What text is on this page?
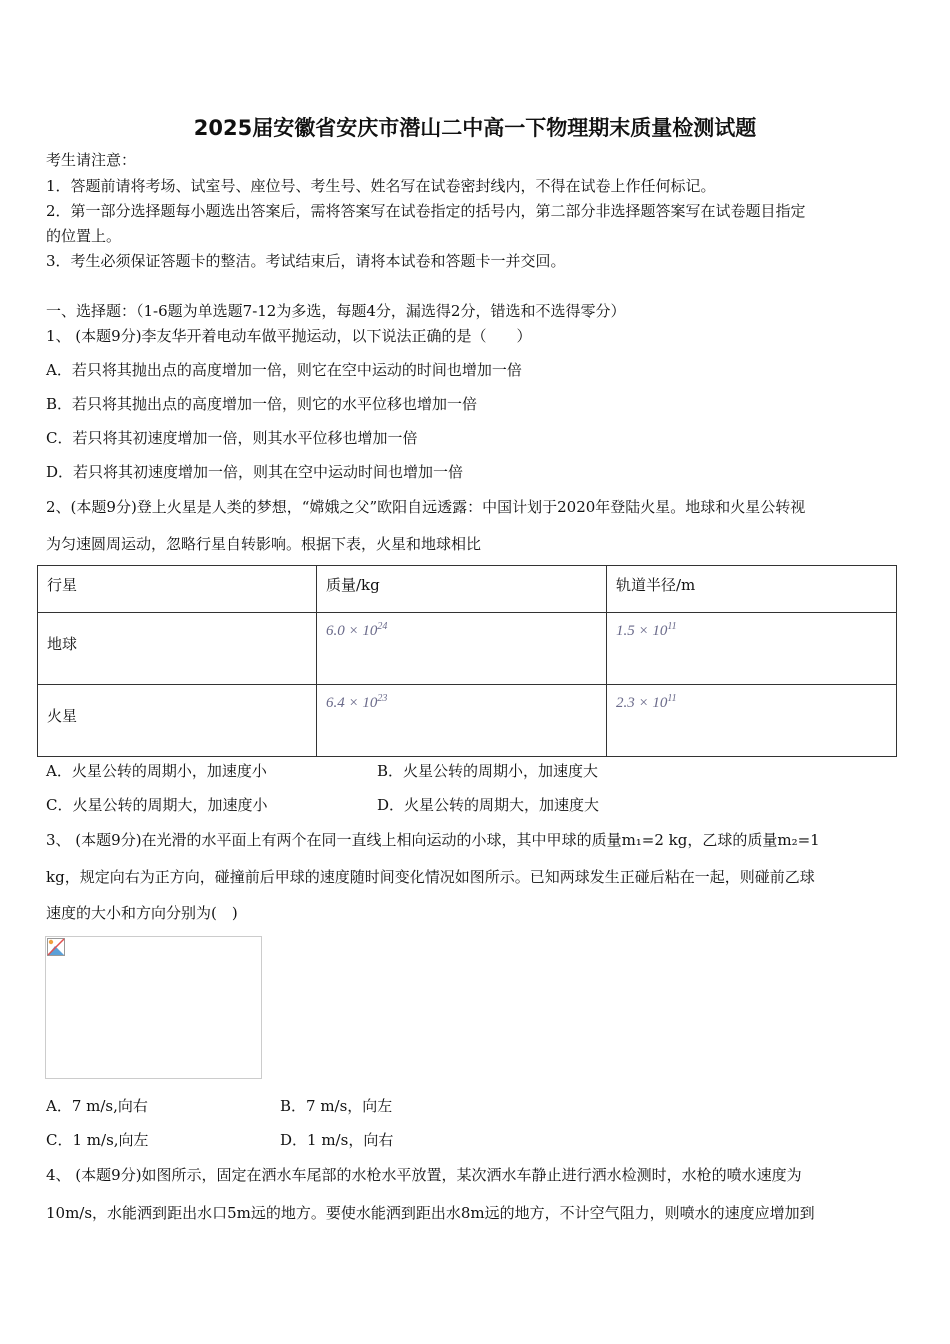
2025届安徽省安庆市潜山二中高一下物理期末质量检测试题
考生请注意：
1．答题前请将考场、试室号、座位号、考生号、姓名写在试卷密封线内，不得在试卷上作任何标记。
2．第一部分选择题每小题选出答案后，需将答案写在试卷指定的括号内，第二部分非选择题答案写在试卷题目指定
的位置上。
3．考生必须保证答题卡的整洁。考试结束后，请将本试卷和答题卡一并交回。
一、选择题：（1-6题为单选题7-12为多选，每题4分，漏选得2分，错选和不选得零分）
1、 (本题9分)李友华开着电动车做平抛运动，以下说法正确的是（　　）
A．若只将其抛出点的高度增加一倍，则它在空中运动的时间也增加一倍
B．若只将其抛出点的高度增加一倍，则它的水平位移也增加一倍
C．若只将其初速度增加一倍，则其水平位移也增加一倍
D．若只将其初速度增加一倍，则其在空中运动时间也增加一倍
2、(本题9分)登上火星是人类的梦想，“嫦娥之父”欧阳自远透露：中国计划于2020年登陆火星。地球和火星公转视
为匀速圆周运动，忽略行星自转影响。根据下表，火星和地球相比
行星	质量/kg	轨道半径/m

地球	$6.0 \times 10^{24}$	$1.5 \times 10^{11}$

火星	$6.4 \times 10^{23}$	$2.3 \times 10^{11}$
A．火星公转的周期小，加速度小	B．火星公转的周期小，加速度大
C．火星公转的周期大，加速度小	D．火星公转的周期大，加速度大
3、 (本题9分)在光滑的水平面上有两个在同一直线上相向运动的小球，其中甲球的质量m₁=2 kg，乙球的质量m₂=1
kg，规定向右为正方向，碰撞前后甲球的速度随时间变化情况如图所示。已知两球发生正碰后粘在一起，则碰前乙球
速度的大小和方向分别为(　)
A．7 m/s,向右	B．7 m/s，向左
C．1 m/s,向左	D．1 m/s，向右
4、 (本题9分)如图所示，固定在洒水车尾部的水枪水平放置，某次洒水车静止进行洒水检测时，水枪的喷水速度为
10m/s，水能洒到距出水口5m远的地方。要使水能洒到距出水8m远的地方，不计空气阻力，则喷水的速度应增加到
